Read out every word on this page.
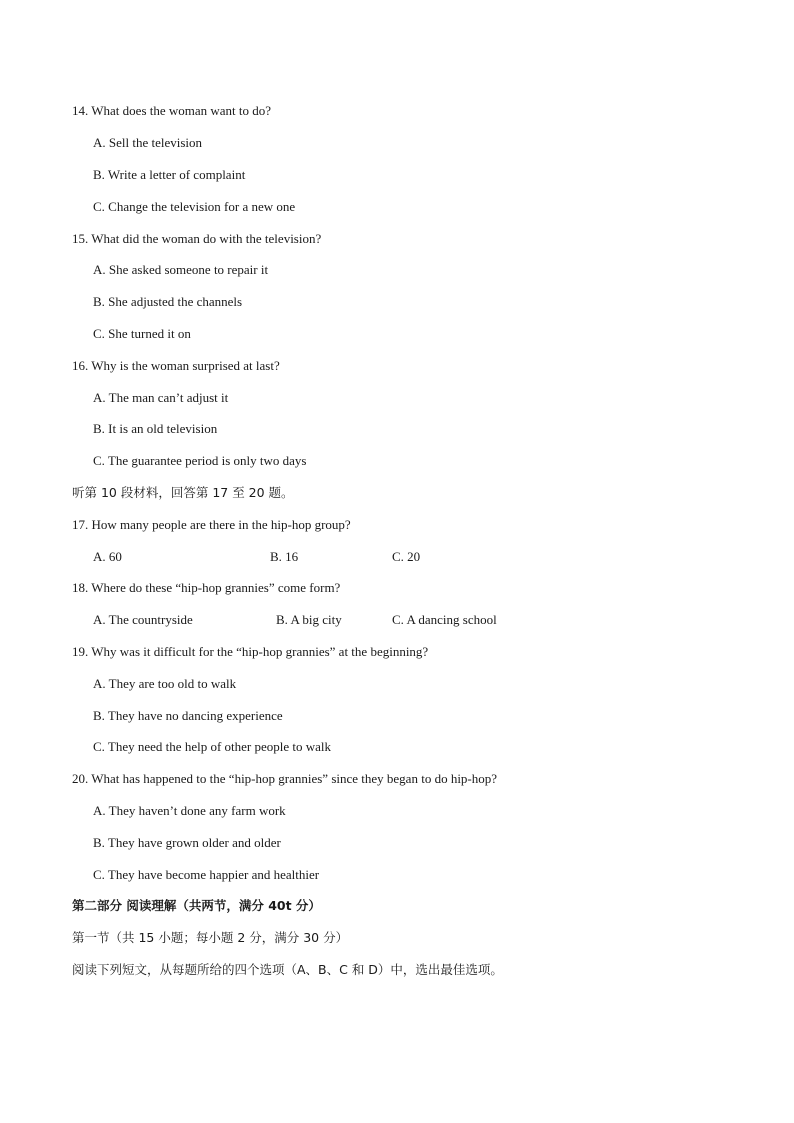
14. What does the woman want to do?
A. Sell the television
B. Write a letter of complaint
C. Change the television for a new one
15. What did the woman do with the television?
A. She asked someone to repair it
B. She adjusted the channels
C. She turned it on
16. Why is the woman surprised at last?
A. The man can’t adjust it
B. It is an old television
C. The guarantee period is only two days
听第 10 段材料，回答第 17 至 20 题。
17. How many people are there in the hip-hop group?
A. 60	B. 16	C. 20
18. Where do these “hip-hop grannies” come form?
A. The countryside	B. A big city	C. A dancing school
19. Why was it difficult for the “hip-hop grannies” at the beginning?
A. They are too old to walk
B. They have no dancing experience
C. They need the help of other people to walk
20. What has happened to the “hip-hop grannies” since they began to do hip-hop?
A. They haven’t done any farm work
B. They have grown older and older
C. They have become happier and healthier
第二部分 阅读理解（共两节，满分 40t 分）
第一节（共 15 小题；每小题 2 分，满分 30 分）
阅读下列短文，从每题所给的四个选项（A、B、C 和 D）中，选出最佳选项。
